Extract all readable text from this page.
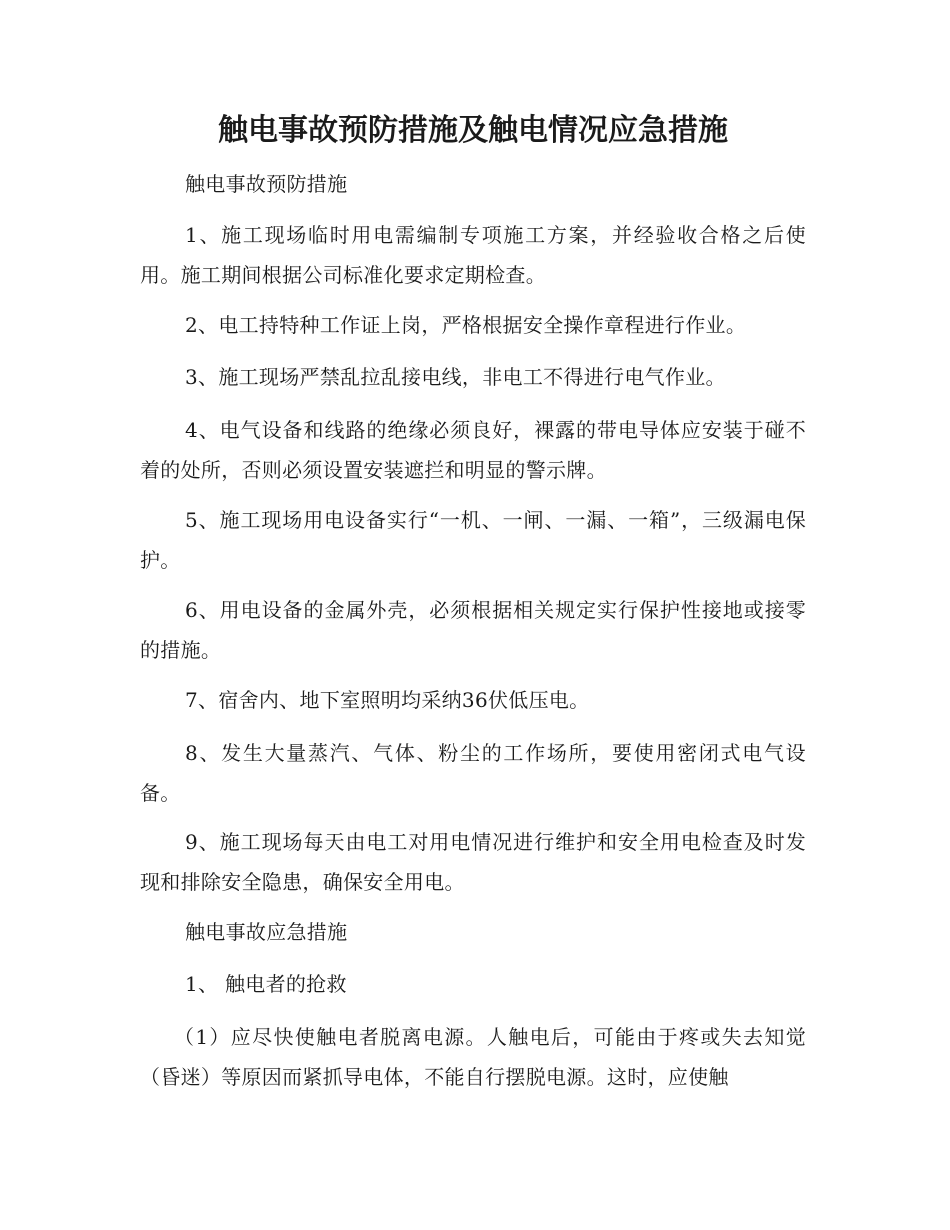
触电事故预防措施及触电情况应急措施

触电事故预防措施

1、施工现场临时用电需编制专项施工方案，并经验收合格之后使用。施工期间根据公司标准化要求定期检查。

2、电工持特种工作证上岗，严格根据安全操作章程进行作业。

3、施工现场严禁乱拉乱接电线，非电工不得进行电气作业。

4、电气设备和线路的绝缘必须良好，裸露的带电导体应安装于碰不着的处所，否则必须设置安装遮拦和明显的警示牌。

5、施工现场用电设备实行“一机、一闸、一漏、一箱”，三级漏电保护。

6、用电设备的金属外壳，必须根据相关规定实行保护性接地或接零的措施。

7、宿舍内、地下室照明均采纳36伏低压电。

8、发生大量蒸汽、气体、粉尘的工作场所，要使用密闭式电气设备。

9、施工现场每天由电工对用电情况进行维护和安全用电检查及时发现和排除安全隐患，确保安全用电。

触电事故应急措施

1、 触电者的抢救

（1）应尽快使触电者脱离电源。人触电后，可能由于疼或失去知觉（昏迷）等原因而紧抓导电体，不能自行摆脱电源。这时，应使触
